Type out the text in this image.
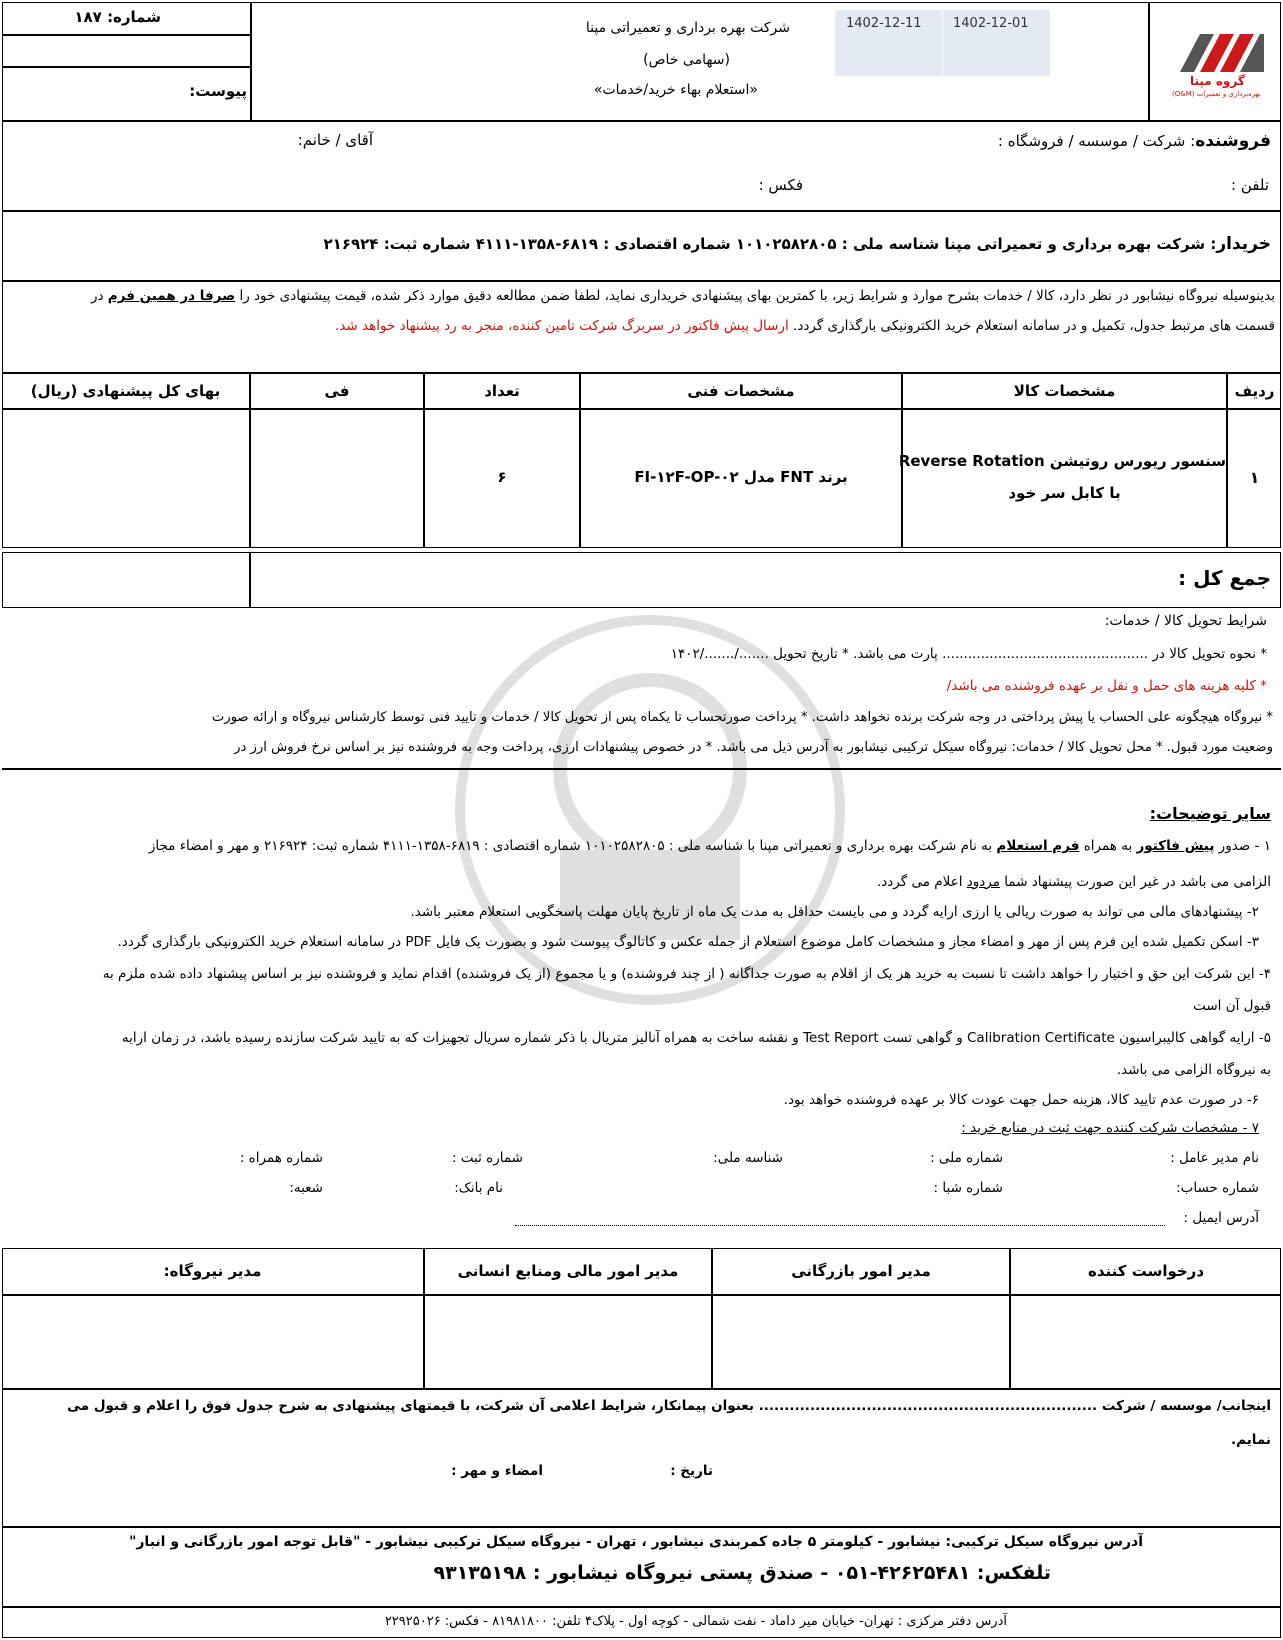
شماره: ۱۸۷
پیوست:
شرکت بهره برداری و تعمیراتی مپنا
(سهامی خاص)
«استعلام بهاء خرید/خدمات»
1402-12-01
1402-12-11
گروه مپنا
بهره‌برداری و تعمیرات (O&M)
فروشنده: شرکت / موسسه / فروشگاه :
آقای / خانم:
تلفن :
فکس :
خریدار: شرکت بهره برداری و تعمیراتی مپنا شناسه ملی : ۱۰۱۰۲۵۸۲۸۰۵ شماره اقتصادی : ۶۸۱۹-۱۳۵۸-۴۱۱۱ شماره ثبت: ۲۱۶۹۲۴
بدینوسیله نیروگاه نیشابور در نظر دارد، کالا / خدمات بشرح موارد و شرایط زیر، با کمترین بهای پیشنهادی خریداری نماید، لطفا ضمن مطالعه دقیق موارد ذکر شده، قیمت پیشنهادی خود را صرفا در همین فرم در
قسمت های مرتبط جدول، تکمیل و در سامانه استعلام خرید الکترونیکی بارگذاری گردد. ارسال پیش فاکتور در سربرگ شرکت تامین کننده، منجر به رد پیشنهاد خواهد شد.
ردیف
مشخصات کالا
مشخصات فنی
تعداد
فی
بهای کل پیشنهادی (ریال)
۱
سنسور ریورس روتیشن Reverse Rotation
با کابل سر خود
برند FNT مدل FI-۱۲F-OP-۰۲
۶
جمع کل :
شرایط تحویل کالا / خدمات:
* نحوه تحویل کالا در ................................................ پارت می باشد. * تاریخ تحویل ......./......./۱۴۰۲
* کلیه هزینه های حمل و نقل بر عهده فروشنده می باشد/
* نیروگاه هیچگونه علی الحساب یا پیش پرداختی در وجه شرکت برنده نخواهد داشت. * پرداخت صورتحساب تا یکماه پس از تحویل کالا / خدمات و تایید فنی توسط کارشناس نیروگاه و ارائه صورت
وضعیت مورد قبول. * محل تحویل کالا / خدمات: نیروگاه سیکل ترکیبی نیشابور به آدرس ذیل می باشد. * در خصوص پیشنهادات ارزی، پرداخت وجه به فروشنده نیز بر اساس نرخ فروش ارز در
سایر توضیحات:
۱ - صدور پیش فاکتور به همراه فرم استعلام به نام شرکت بهره برداری و تعمیراتی مپنا با شناسه ملی : ۱۰۱۰۲۵۸۲۸۰۵ شماره اقتصادی : ۶۸۱۹-۱۳۵۸-۴۱۱۱ شماره ثبت: ۲۱۶۹۲۴ و مهر و امضاء مجاز
الزامی می باشد در غیر این صورت پیشنهاد شما مردود اعلام می گردد.
۲- پیشنهادهای مالی می تواند به صورت ریالی یا ارزی ارایه گردد و می بایست حداقل به مدت یک ماه از تاریخ پایان مهلت پاسخگویی استعلام معتبر باشد.
۳- اسکن تکمیل شده این فرم پس از مهر و امضاء مجاز و مشخصات کامل موضوع استعلام از جمله عکس و کاتالوگ پیوست شود و بصورت یک فایل PDF در سامانه استعلام خرید الکترونیکی بارگذاری گردد.
۴- این شرکت این حق و اختیار را خواهد داشت تا نسبت به خرید هر یک از اقلام به صورت جداگانه ( از چند فروشنده) و یا مجموع (از یک فروشنده) اقدام نماید و فروشنده نیز بر اساس پیشنهاد داده شده ملزم به
قبول آن است
۵- ارایه گواهی کالیبراسیون Calibration Certificate و گواهی تست Test Report و نقشه ساخت به همراه آنالیز متریال با ذکر شماره سریال تجهیزات که به تایید شرکت سازنده رسیده باشد، در زمان ارایه
به نیروگاه الزامی می باشد.
۶- در صورت عدم تایید کالا، هزینه حمل جهت عودت کالا بر عهده فروشنده خواهد بود.
۷ - مشخصات شرکت کننده جهت ثبت در منابع خرید :
نام مدیر عامل :
شماره ملی :
شناسه ملی:
شماره ثبت :
شماره همراه :
شماره حساب:
شماره شبا :
نام بانک:
شعبه:
آدرس ایمیل :
درخواست کننده
مدیر امور بازرگانی
مدیر امور مالی ومنابع انسانی
مدیر نیروگاه:
اینجانب/ موسسه / شرکت .................................................................. بعنوان پیمانکار، شرایط اعلامی آن شرکت، با قیمتهای پیشنهادی به شرح جدول فوق را اعلام و قبول می
نمایم.
تاریخ :
امضاء و مهر :
آدرس نیروگاه سیکل ترکیبی: نیشابور - کیلومتر ۵ جاده کمربندی نیشابور ، تهران - نیروگاه سیکل ترکیبی نیشابور - "قابل توجه امور بازرگانی و انبار"
تلفکس: ۴۲۶۲۵۴۸۱-۰۵۱ - صندق پستی نیروگاه نیشابور : ۹۳۱۳۵۱۹۸
آدرس دفتر مرکزی : تهران- خیابان میر داماد - نفت شمالی - کوچه اول - پلاک۴ تلفن: ۸۱۹۸۱۸۰۰ - فکس: ۲۲۹۲۵۰۲۶
